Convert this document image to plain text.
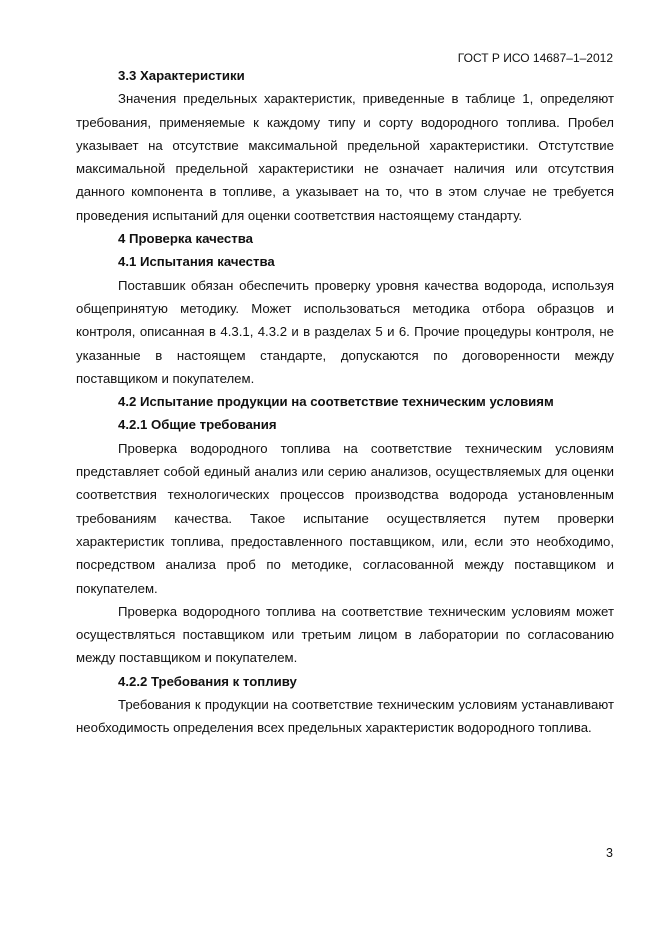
ГОСТ Р ИСО 14687–1–2012

3.3 Характеристики

Значения предельных характеристик, приведенные в таблице 1, определяют требования, применяемые к каждому типу и сорту водородного топлива. Пробел указывает на отсутствие максимальной предельной характеристики. Отстутствие максимальной предельной характеристики не означает наличия или отсутствия данного компонента в топливе, а указывает на то, что в этом случае не требуется проведения испытаний для оценки соответствия настоящему стандарту.

4 Проверка качества

4.1 Испытания качества

Поставшик обязан обеспечить проверку уровня качества водорода, используя общепринятую методику. Может использоваться методика отбора образцов и контроля, описанная в 4.3.1, 4.3.2 и в разделах 5 и 6. Прочие процедуры контроля, не указанные в настоящем стандарте, допускаются по договоренности между поставщиком и покупателем.

4.2 Испытание продукции на соответствие техническим условиям

4.2.1 Общие требования

Проверка водородного топлива на соответствие техническим условиям представляет собой единый анализ или серию анализов, осуществляемых для оценки соответствия технологических процессов производства водорода установленным требованиям качества. Такое испытание осуществляется путем проверки характеристик топлива, предоставленного поставщиком, или, если это необходимо, посредством анализа проб по методике, согласованной между поставщиком и покупателем.

Проверка водородного топлива на соответствие техническим условиям может осуществляться поставщиком или третьим лицом в лаборатории по согласованию между поставщиком и покупателем.

4.2.2 Требования к топливу

Требования к продукции на соответствие техническим условиям устанавливают необходимость определения всех предельных характеристик водородного топлива.

3
